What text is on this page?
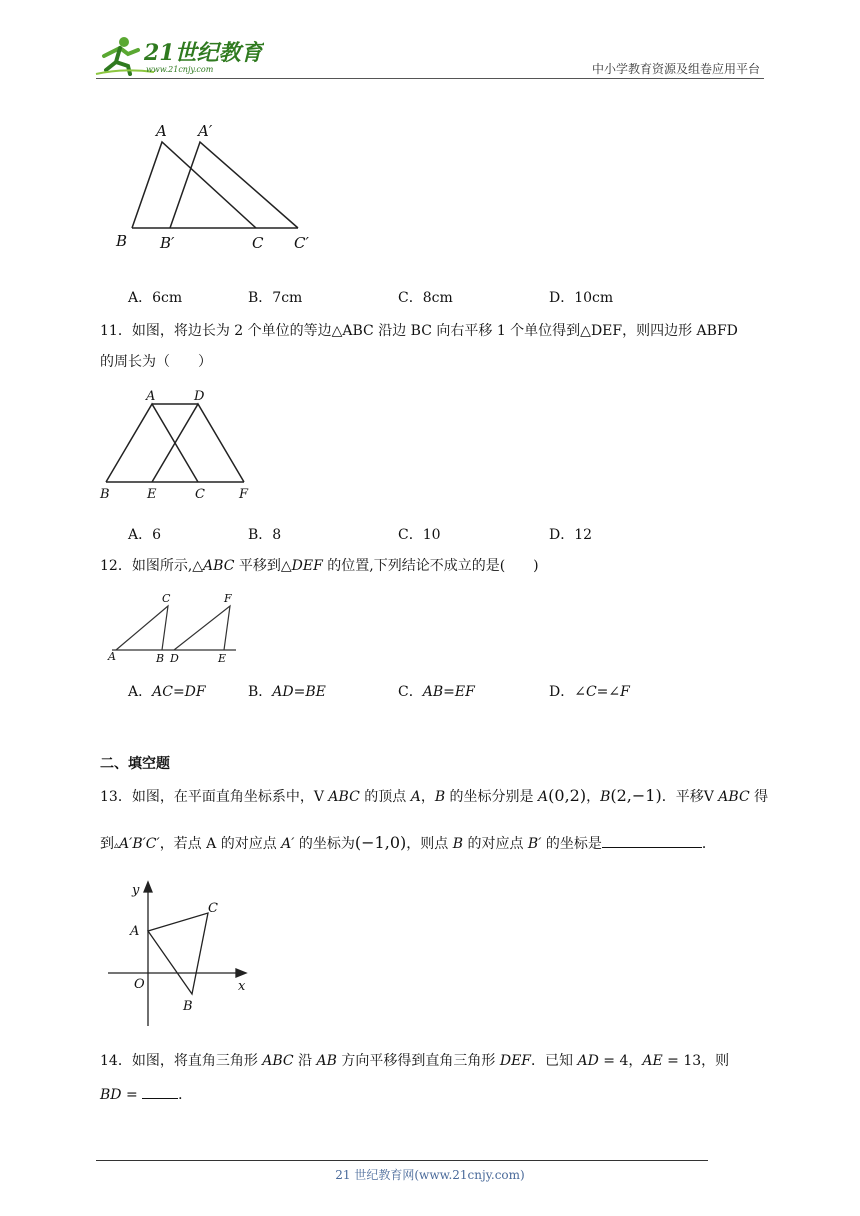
21世纪教育
www.21cnjy.com	中小学教育资源及组卷应用平台
A A′
B B′	C C′
A．6cm	B．7cm	C．8cm	D．10cm
11．如图，将边长为 2 个单位的等边△ABC 沿边 BC 向右平移 1 个单位得到△DEF，则四边形 ABFD
的周长为（　　）
A	D
B	E	C	F
A．6	B．8	C．10	D．12
12．如图所示,△ABC 平移到△DEF 的位置,下列结论不成立的是(　　)
C	F
A	B D	E
A．AC=DF	B．AD=BE	C．AB=EF	D．∠C=∠F
二、填空题
13．如图，在平面直角坐标系中，V ABC 的顶点 A，B 的坐标分别是 A(0,2)，B(2,−1)．平移V ABC 得
到▵A′B′C′，若点 A 的对应点 A′ 的坐标为(−1,0)，则点 B 的对应点 B′ 的坐标是	．
y
x
A
C
O
B
14．如图，将直角三角形 ABC 沿 AB 方向平移得到直角三角形 DEF．已知 AD = 4，AE = 13，则
BD =	．
21 世纪教育网(www.21cnjy.com)
